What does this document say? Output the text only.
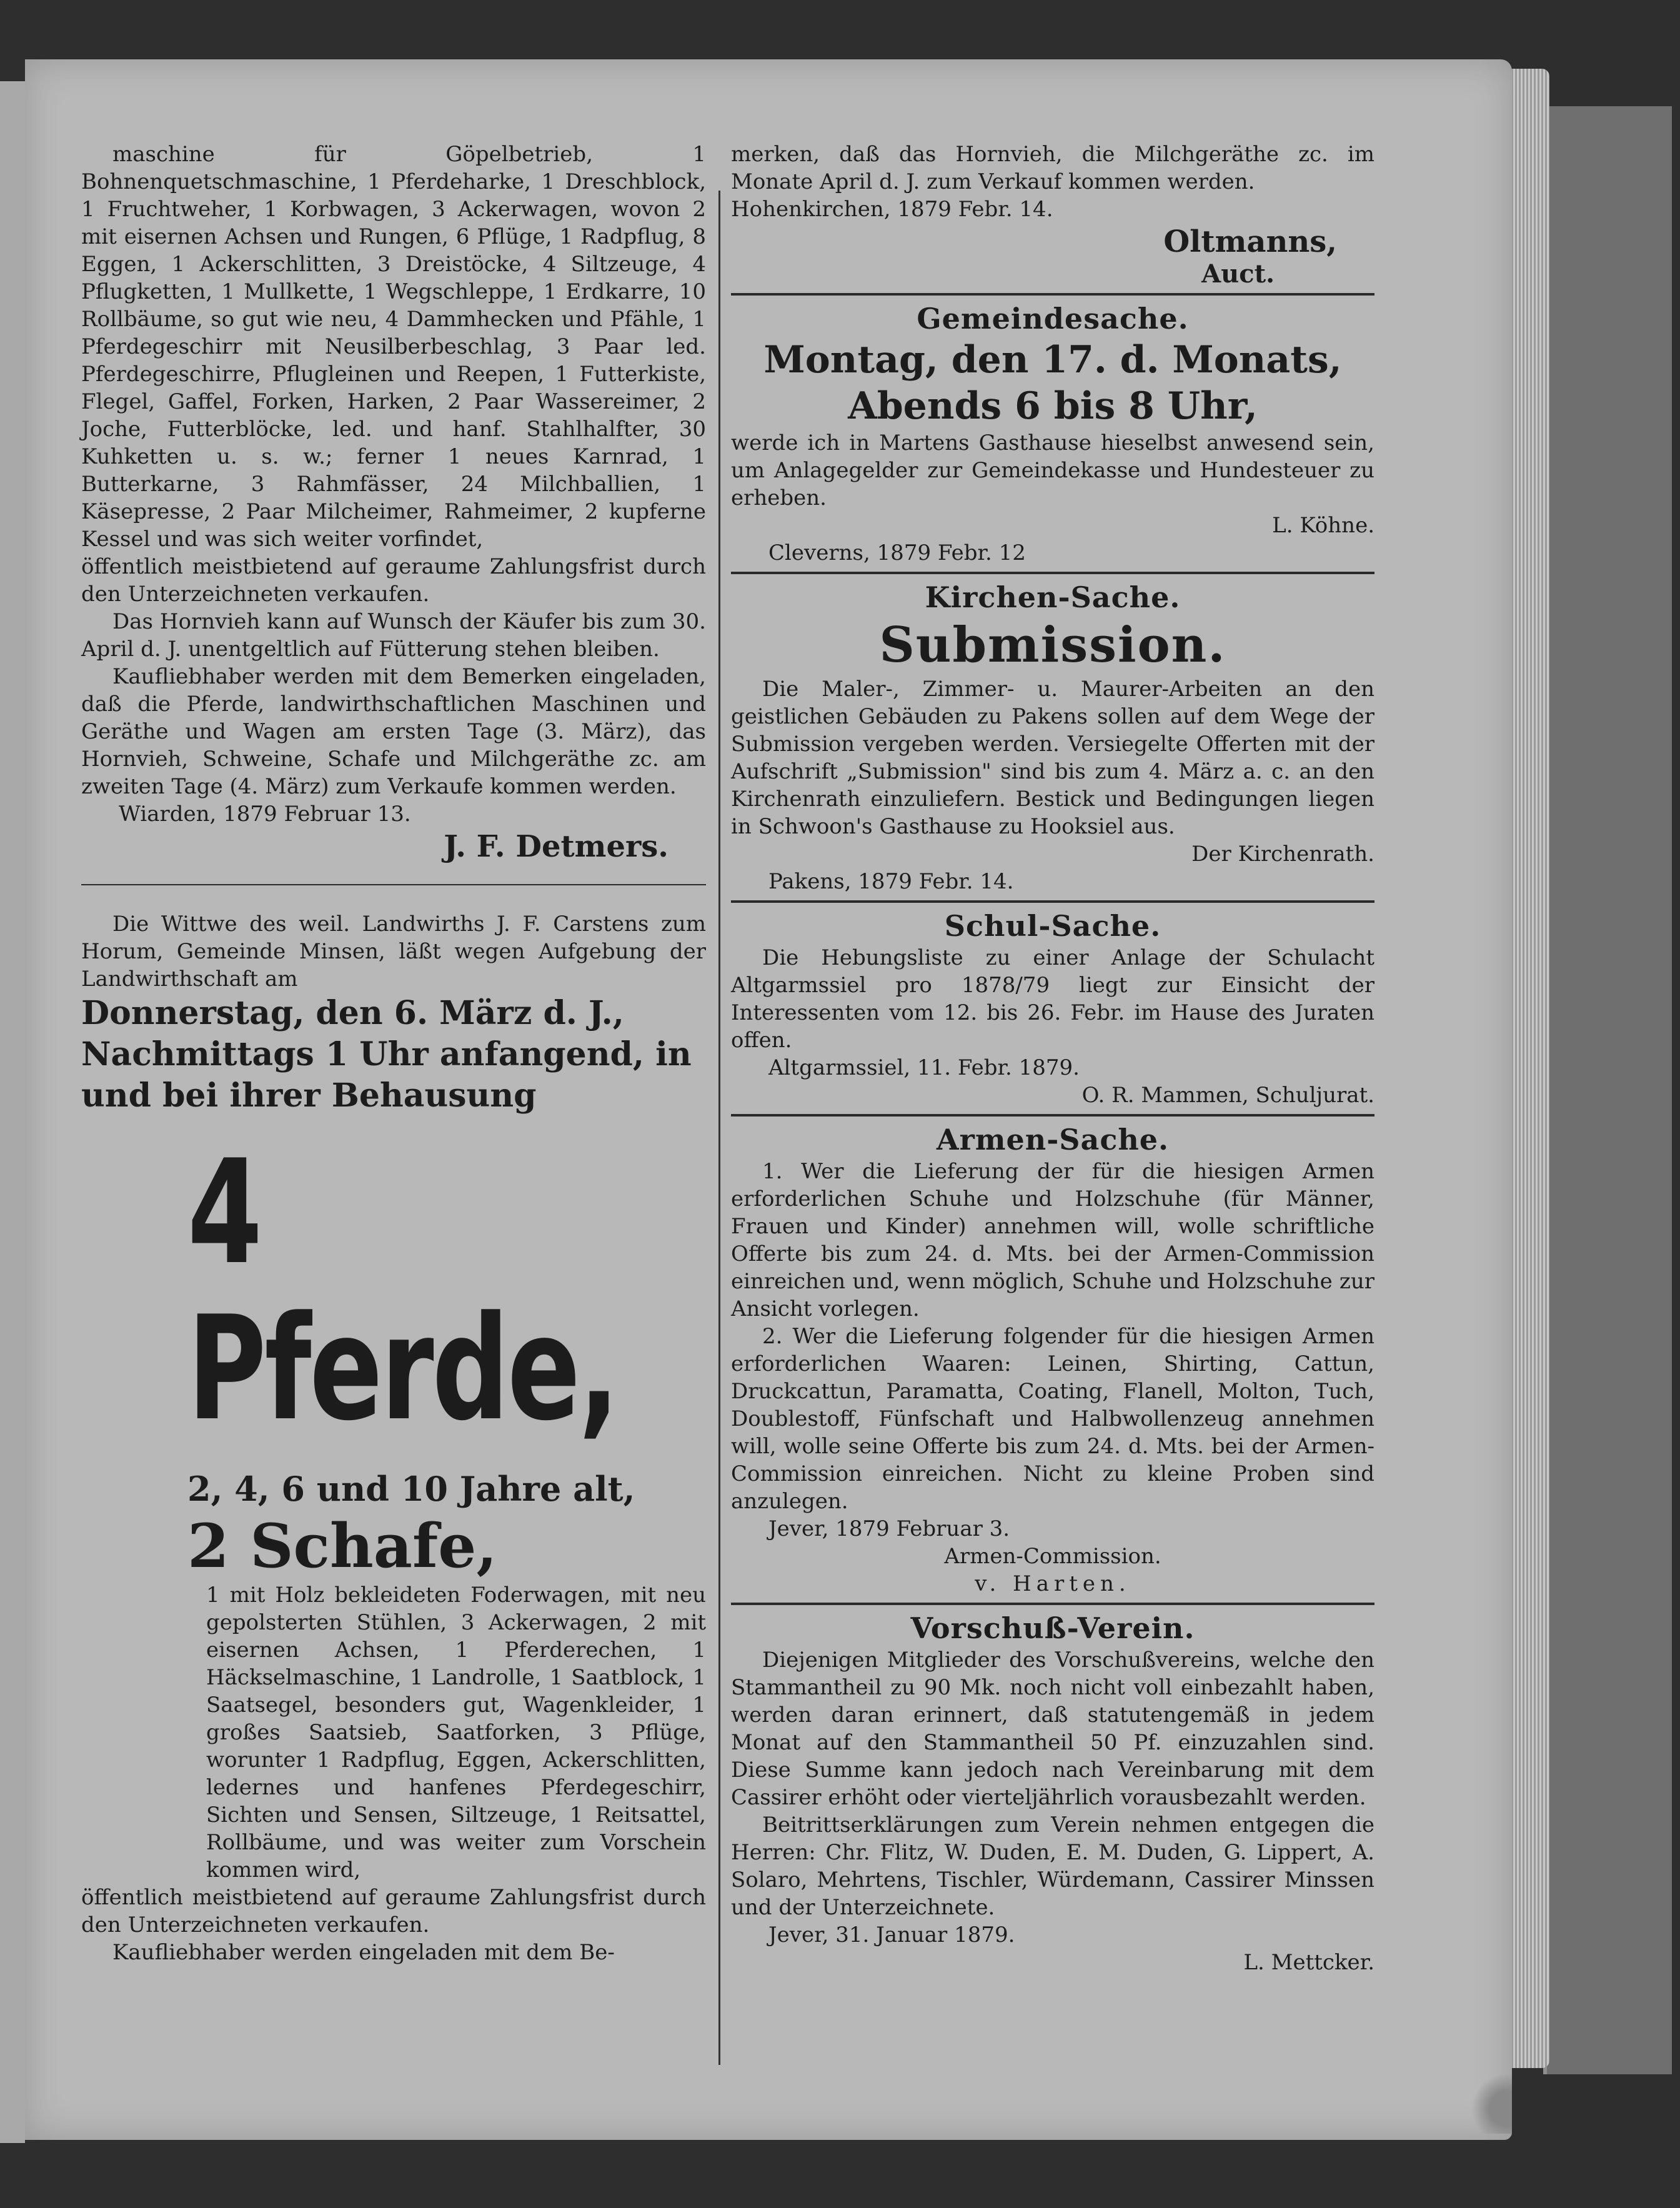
maschine für Göpelbetrieb, 1 Bohnenquetschmaschine, 1 Pferdeharke, 1 Dreschblock, 1 Fruchtweher, 1 Korbwagen, 3 Ackerwagen, wovon 2 mit eisernen Achsen und Rungen, 6 Pflüge, 1 Radpflug, 8 Eggen, 1 Ackerschlitten, 3 Dreistöcke, 4 Siltzeuge, 4 Pflugketten, 1 Mullkette, 1 Wegschleppe, 1 Erdkarre, 10 Rollbäume, so gut wie neu, 4 Dammhecken und Pfähle, 1 Pferdegeschirr mit Neusilberbeschlag, 3 Paar led. Pferdegeschirre, Pflugleinen und Reepen, 1 Futterkiste, Flegel, Gaffel, Forken, Harken, 2 Paar Wassereimer, 2 Joche, Futterblöcke, led. und hanf. Stahlhalfter, 30 Kuhketten u. s. w.; ferner 1 neues Karnrad, 1 Butterkarne, 3 Rahmfässer, 24 Milchballien, 1 Käsepresse, 2 Paar Milcheimer, Rahmeimer, 2 kupferne Kessel und was sich weiter vorfindet,

öffentlich meistbietend auf geraume Zahlungsfrist durch den Unterzeichneten verkaufen.

Das Hornvieh kann auf Wunsch der Käufer bis zum 30. April d. J. unentgeltlich auf Fütterung stehen bleiben.

Kaufliebhaber werden mit dem Bemerken eingeladen, daß die Pferde, landwirthschaftlichen Maschinen und Geräthe und Wagen am ersten Tage (3. März), das Hornvieh, Schweine, Schafe und Milchgeräthe zc. am zweiten Tage (4. März) zum Verkaufe kommen werden.

Wiarden, 1879 Februar 13.

J. F. Detmers.

Die Wittwe des weil. Landwirths J. F. Carstens zum Horum, Gemeinde Minsen, läßt wegen Aufgebung der Landwirthschaft am

Donnerstag, den 6. März d. J.,

Nachmittags 1 Uhr anfangend, in

und bei ihrer Behausung

4 Pferde,

2, 4, 6 und 10 Jahre alt,

2 Schafe,

1 mit Holz bekleideten Foderwagen, mit neu gepolsterten Stühlen, 3 Ackerwagen, 2 mit eisernen Achsen, 1 Pferderechen, 1 Häckselmaschine, 1 Landrolle, 1 Saatblock, 1 Saatsegel, besonders gut, Wagenkleider, 1 großes Saatsieb, Saatforken, 3 Pflüge, worunter 1 Radpflug, Eggen, Ackerschlitten, ledernes und hanfenes Pferdegeschirr, Sichten und Sensen, Siltzeuge, 1 Reitsattel, Rollbäume, und was weiter zum Vorschein kommen wird,

öffentlich meistbietend auf geraume Zahlungsfrist durch den Unterzeichneten verkaufen.

Kaufliebhaber werden eingeladen mit dem Be-

merken, daß das Hornvieh, die Milchgeräthe zc. im Monate April d. J. zum Verkauf kommen werden.

Hohenkirchen, 1879 Febr. 14.

Oltmanns,

Auct.

Gemeindesache.

Montag, den 17. d. Monats,

Abends 6 bis 8 Uhr,

werde ich in Martens Gasthause hieselbst anwesend sein, um Anlagegelder zur Gemeindekasse und Hundesteuer zu erheben.

L. Köhne.

Cleverns, 1879 Febr. 12

Kirchen-Sache.

Submission.

Die Maler-, Zimmer- u. Maurer-Arbeiten an den geistlichen Gebäuden zu Pakens sollen auf dem Wege der Submission vergeben werden. Versiegelte Offerten mit der Aufschrift „Submission" sind bis zum 4. März a. c. an den Kirchenrath einzuliefern. Bestick und Bedingungen liegen in Schwoon's Gasthause zu Hooksiel aus.

Der Kirchenrath.

Pakens, 1879 Febr. 14.

Schul-Sache.

Die Hebungsliste zu einer Anlage der Schulacht Altgarmssiel pro 1878/79 liegt zur Einsicht der Interessenten vom 12. bis 26. Febr. im Hause des Juraten offen.

Altgarmssiel, 11. Febr. 1879.

O. R. Mammen, Schuljurat.

Armen-Sache.

1. Wer die Lieferung der für die hiesigen Armen erforderlichen Schuhe und Holzschuhe (für Männer, Frauen und Kinder) annehmen will, wolle schriftliche Offerte bis zum 24. d. Mts. bei der Armen-Commission einreichen und, wenn möglich, Schuhe und Holzschuhe zur Ansicht vorlegen.

2. Wer die Lieferung folgender für die hiesigen Armen erforderlichen Waaren: Leinen, Shirting, Cattun, Druckcattun, Paramatta, Coating, Flanell, Molton, Tuch, Doublestoff, Fünfschaft und Halbwollenzeug annehmen will, wolle seine Offerte bis zum 24. d. Mts. bei der Armen-Commission einreichen. Nicht zu kleine Proben sind anzulegen.

Jever, 1879 Februar 3.

Armen-Commission.

v. Harten.

Vorschuß-Verein.

Diejenigen Mitglieder des Vorschußvereins, welche den Stammantheil zu 90 Mk. noch nicht voll einbezahlt haben, werden daran erinnert, daß statutengemäß in jedem Monat auf den Stammantheil 50 Pf. einzuzahlen sind. Diese Summe kann jedoch nach Vereinbarung mit dem Cassirer erhöht oder vierteljährlich vorausbezahlt werden.

Beitrittserklärungen zum Verein nehmen entgegen die Herren: Chr. Flitz, W. Duden, E. M. Duden, G. Lippert, A. Solaro, Mehrtens, Tischler, Würdemann, Cassirer Minssen und der Unterzeichnete.

Jever, 31. Januar 1879.

L. Mettcker.
